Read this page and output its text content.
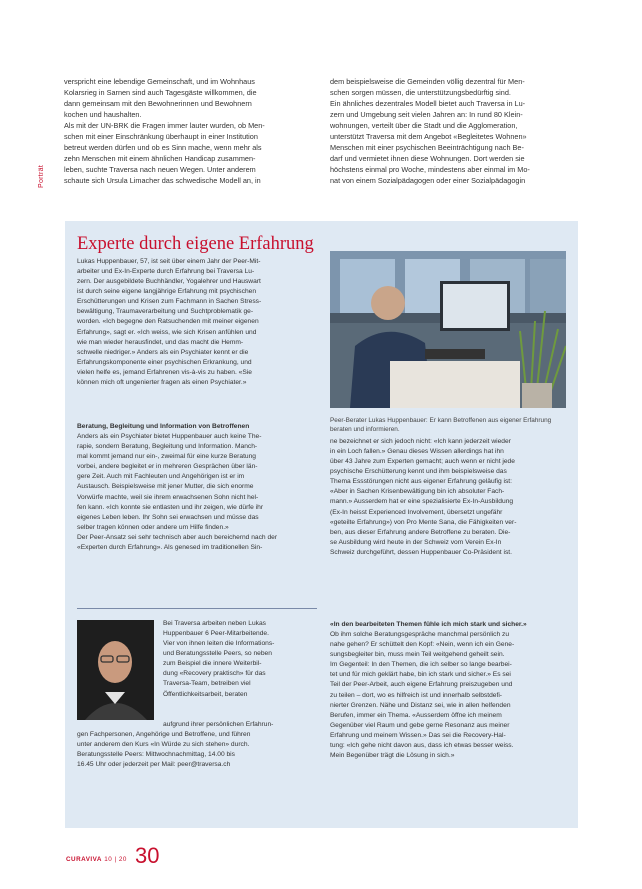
Porträt

verspricht eine lebendige Gemeinschaft, und im Wohnhaus

Kolarsrieg in Sarnen sind auch Tagesgäste willkommen, die

dann gemeinsam mit den Bewohnerinnen und Bewohnern

kochen und haushalten.

Als mit der UN-BRK die Fragen immer lauter wurden, ob Men-

schen mit einer Einschränkung überhaupt in einer Institution

betreut werden dürfen und ob es Sinn mache, wenn mehr als

zehn Menschen mit einem ähnlichen Handicap zusammen-

leben, suchte Traversa nach neuen Wegen. Unter anderem

schaute sich Ursula Limacher das schwedische Modell an, in

dem beispielsweise die Gemeinden völlig dezentral für Men-

schen sorgen müssen, die unterstützungsbedürftig sind.

Ein ähnliches dezentrales Modell bietet auch Traversa in Lu-

zern und Umgebung seit vielen Jahren an: In rund 80 Klein-

wohnungen, verteilt über die Stadt und die Agglomeration,

unterstützt Traversa mit dem Angebot «Begleitetes Wohnen»

Menschen mit einer psychischen Beeinträchtigung nach Be-

darf und vermietet ihnen diese Wohnungen. Dort werden sie

höchstens einmal pro Woche, mindestens aber einmal im Mo-

nat von einem Sozialpädagogen oder einer Sozialpädagogin

Experte durch eigene Erfahrung

Lukas Huppenbauer, 57, ist seit über einem Jahr der Peer-Mit-

arbeiter und Ex-In-Experte durch Erfahrung bei Traversa Lu-

zern. Der ausgebildete Buchhändler, Yogalehrer und Hauswart

ist durch seine eigene langjährige Erfahrung mit psychischen

Erschütterungen und Krisen zum Fachmann in Sachen Stress-

bewältigung, Traumaverarbeitung und Suchtproblematik ge-

worden. «Ich begegne den Ratsuchenden mit meiner eigenen

Erfahrung», sagt er. «Ich weiss, wie sich Krisen anfühlen und

wie man wieder herausfindet, und das macht die Hemm-

schwelle niedriger.» Anders als ein Psychiater kennt er die

Erfahrungskomponente einer psychischen Erkrankung, und

vielen helfe es, jemand Erfahrenen vis-à-vis zu haben. «Sie

können mich oft ungenierter fragen als einen Psychiater.»

Beratung, Begleitung und Information von Betroffenen

Anders als ein Psychiater bietet Huppenbauer auch keine The-

rapie, sondern Beratung, Begleitung und Information. Manch-

mal kommt jemand nur ein-, zweimal für eine kurze Beratung

vorbei, andere begleitet er in mehreren Gesprächen über län-

gere Zeit. Auch mit Fachleuten und Angehörigen ist er im

Austausch. Beispielsweise mit jener Mutter, die sich enorme

Vorwürfe machte, weil sie ihrem erwachsenen Sohn nicht hel-

fen kann. «Ich konnte sie entlasten und ihr zeigen, wie dürfe ihr

eigenes Leben leben. Ihr Sohn sei erwachsen und müsse das

selber tragen können oder andere um Hilfe finden.»

Der Peer-Ansatz sei sehr technisch aber auch bereichernd nach der

«Experten durch Erfahrung». Als genesed im traditionellen Sin-

Peer-Berater Lukas Huppenbauer: Er kann Betroffenen aus eigener Erfahrung beraten und informieren.

ne bezeichnet er sich jedoch nicht: «Ich kann jederzeit wieder

in ein Loch fallen.» Genau dieses Wissen allerdings hat ihn

über 43 Jahre zum Experten gemacht; auch wenn er nicht jede

psychische Erschütterung kennt und ihm beispielsweise das

Thema Essstörungen nicht aus eigener Erfahrung geläufig ist:

«Aber in Sachen Krisenbewältigung bin ich absoluter Fach-

mann.» Ausserdem hat er eine spezialisierte Ex-In-Ausbildung

(Ex-In heisst Experienced Involvement, übersetzt ungefähr

«geteilte Erfahrung») von Pro Mente Sana, die Fähigkeiten ver-

ben, aus dieser Erfahrung andere Betroffene zu beraten. Die-

se Ausbildung wird heute in der Schweiz vom Verein Ex-In

Schweiz durchgeführt, dessen Huppenbauer Co-Präsident ist.

«In den bearbeiteten Themen fühle ich mich stark und sicher.»

Ob ihm solche Beratungsgespräche manchmal persönlich zu

nahe gehen? Er schüttelt den Kopf: «Nein, wenn ich ein Gene-

sungsbegleiter bin, muss mein Teil weitgehend geheilt sein.

Im Gegenteil: In den Themen, die ich selber so lange bearbei-

tet und für mich geklärt habe, bin ich stark und sicher.» Es sei

Teil der Peer-Arbeit, auch eigene Erfahrung preiszugeben und

zu teilen – dort, wo es hilfreich ist und innerhalb selbstdefi-

nierter Grenzen. Nähe und Distanz sei, wie in allen helfenden

Berufen, immer ein Thema. «Ausserdem öffne ich meinem

Gegenüber viel Raum und gebe gerne Resonanz aus meiner

Erfahrung und meinem Wissen.» Das sei die Recovery-Hal-

tung: «Ich gehe nicht davon aus, dass ich etwas besser weiss.

Mein Begenüber trägt die Lösung in sich.»

Bei Traversa arbeiten neben Lukas

Huppenbauer 6 Peer-Mitarbeitende.

Vier von ihnen leiten die Informations-

und Beratungsstelle Peers, so neben

zum Beispiel die innere Weiterbil-

dung «Recovery praktisch» für das

Traversa-Team, betreiben viel

Öffentlichkeitsarbeit, beraten

aufgrund ihrer persönlichen Erfahrun-

gen Fachpersonen, Angehörige und Betroffene, und führen

unter anderem den Kurs «In Würde zu sich stehen» durch.

Beratungsstelle Peers: Mittwochnachmittag, 14.00 bis

16.45 Uhr oder jederzeit per Mail: peer@traversa.ch

CURAVIVA 10 | 20 30
